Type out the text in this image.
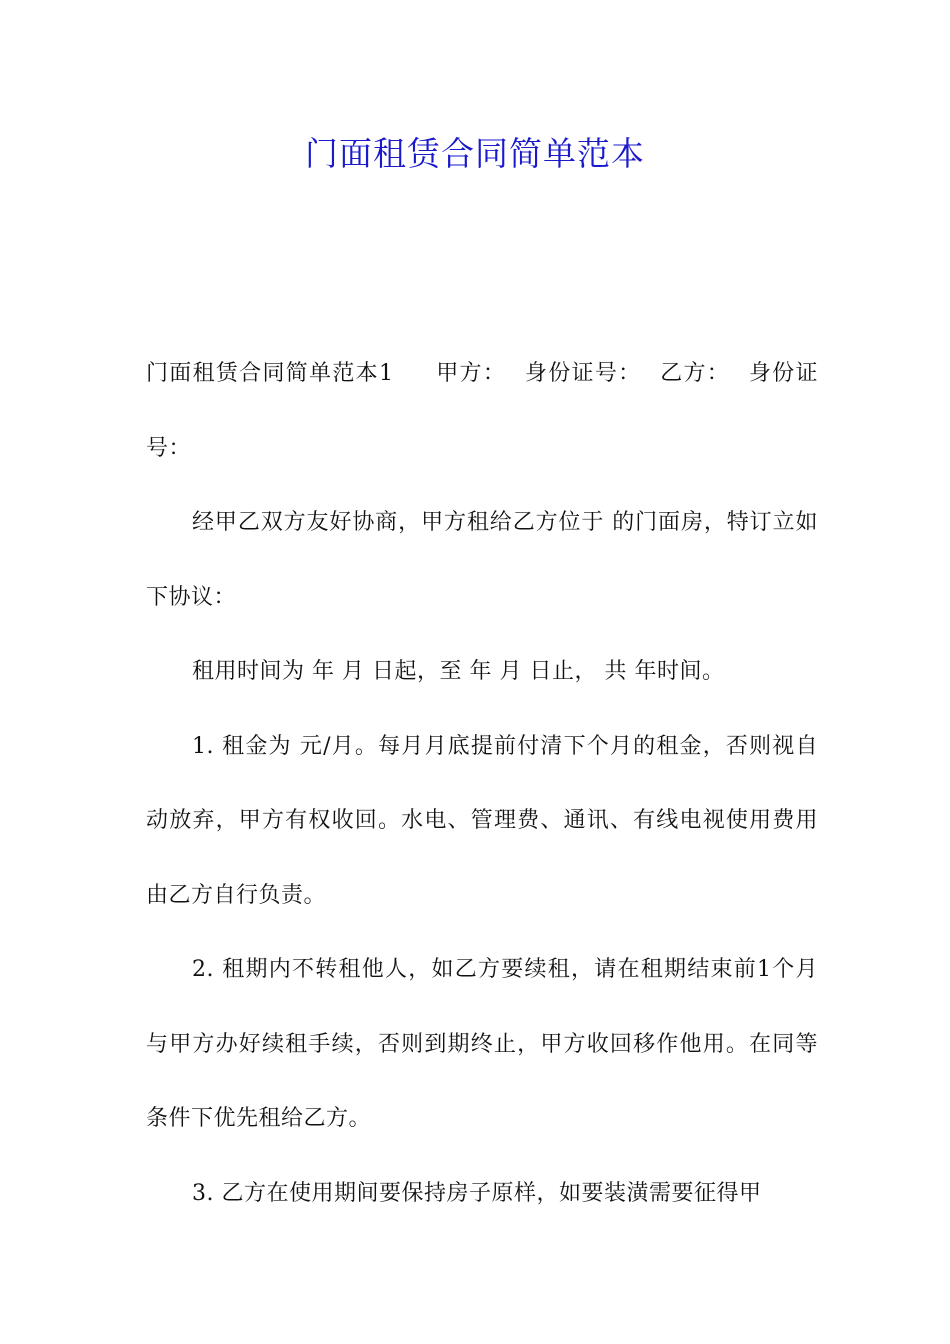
门面租赁合同简单范本

门面租赁合同简单范本1 甲方： 身份证号： 乙方： 身份证号：

经甲乙双方友好协商，甲方租给乙方位于 的门面房，特订立如下协议：

租用时间为 年 月 日起，至 年 月 日止， 共 年时间。

1. 租金为 元/月。每月月底提前付清下个月的租金，否则视自动放弃，甲方有权收回。水电、管理费、通讯、有线电视使用费用由乙方自行负责。

2. 租期内不转租他人，如乙方要续租，请在租期结束前1个月与甲方办好续租手续，否则到期终止，甲方收回移作他用。在同等条件下优先租给乙方。

3. 乙方在使用期间要保持房子原样，如要装潢需要征得甲
